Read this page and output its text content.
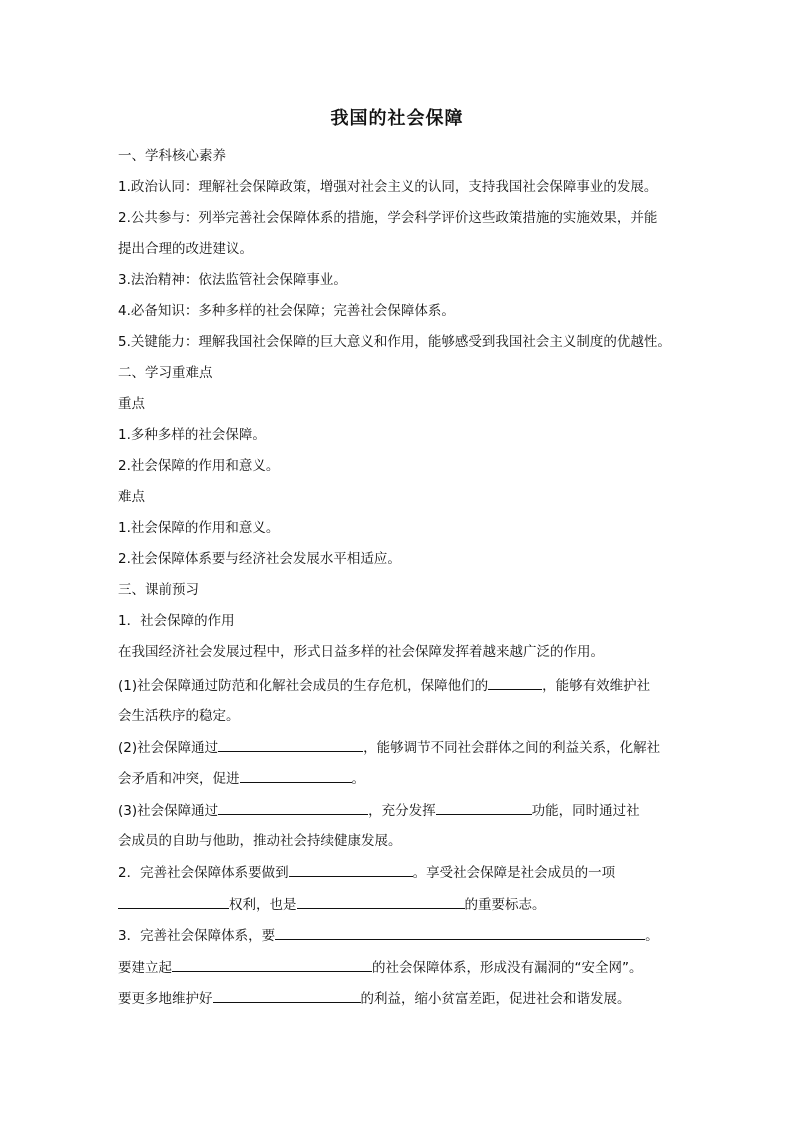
我国的社会保障
一、学科核心素养
1.政治认同：理解社会保障政策，增强对社会主义的认同，支持我国社会保障事业的发展。
2.公共参与：列举完善社会保障体系的措施，学会科学评价这些政策措施的实施效果，并能
提出合理的改进建议。
3.法治精神：依法监管社会保障事业。
4.必备知识：多种多样的社会保障；完善社会保障体系。
5.关键能力：理解我国社会保障的巨大意义和作用，能够感受到我国社会主义制度的优越性。
二、学习重难点
重点
1.多种多样的社会保障。
2.社会保障的作用和意义。
难点
1.社会保障的作用和意义。
2.社会保障体系要与经济社会发展水平相适应。
三、课前预习
1．社会保障的作用
在我国经济社会发展过程中，形式日益多样的社会保障发挥着越来越广泛的作用。
(1)社会保障通过防范和化解社会成员的生存危机，保障他们的	，能够有效维护社
会生活秩序的稳定。
(2)社会保障通过	，能够调节不同社会群体之间的利益关系，化解社
会矛盾和冲突，促进	。
(3)社会保障通过	，充分发挥	功能，同时通过社
会成员的自助与他助，推动社会持续健康发展。
2．完善社会保障体系要做到	。享受社会保障是社会成员的一项
权利，也是	的重要标志。
3．完善社会保障体系，要	。
要建立起	的社会保障体系，形成没有漏洞的“安全网”。
要更多地维护好	的利益，缩小贫富差距，促进社会和谐发展。
